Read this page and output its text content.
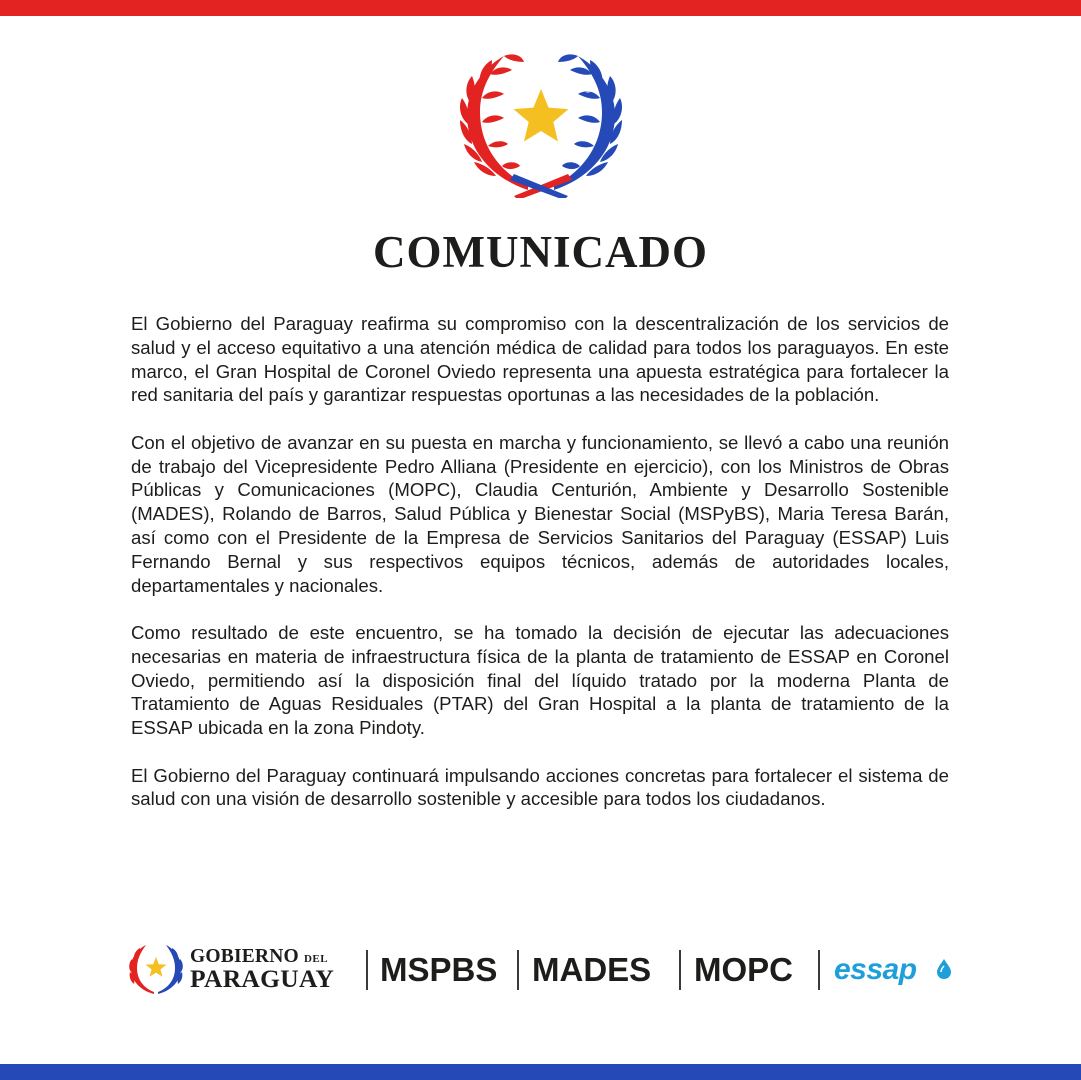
COMUNICADO

El Gobierno del Paraguay reafirma su compromiso con la descentralización de los servicios de salud y el acceso equitativo a una atención médica de calidad para todos los paraguayos. En este marco, el Gran Hospital de Coronel Oviedo representa una apuesta estratégica para fortalecer la red sanitaria del país y garantizar respuestas oportunas a las necesidades de la población.

Con el objetivo de avanzar en su puesta en marcha y funcionamiento, se llevó a cabo una reunión de trabajo del Vicepresidente Pedro Alliana (Presidente en ejercicio), con los Ministros de Obras Públicas y Comunicaciones (MOPC), Claudia Centurión, Ambiente y Desarrollo Sostenible (MADES), Rolando de Barros, Salud Pública y Bienestar Social (MSPyBS), Maria Teresa Barán, así como con el Presidente de la Empresa de Servicios Sanitarios del Paraguay (ESSAP) Luis Fernando Bernal y sus respectivos equipos técnicos, además de autoridades locales, departamentales y nacionales.

Como resultado de este encuentro, se ha tomado la decisión de ejecutar las adecuaciones necesarias en materia de infraestructura física de la planta de tratamiento de ESSAP en Coronel Oviedo, permitiendo así la disposición final del líquido tratado por la moderna Planta de Tratamiento de Aguas Residuales (PTAR) del Gran Hospital a la planta de tratamiento de la ESSAP ubicada en la zona Pindoty.

El Gobierno del Paraguay continuará impulsando acciones concretas para fortalecer el sistema de salud con una visión de desarrollo sostenible y accesible para todos los ciudadanos.

GOBIERNO DEL
PARAGUAY MSPBS MADES MOPC essap
